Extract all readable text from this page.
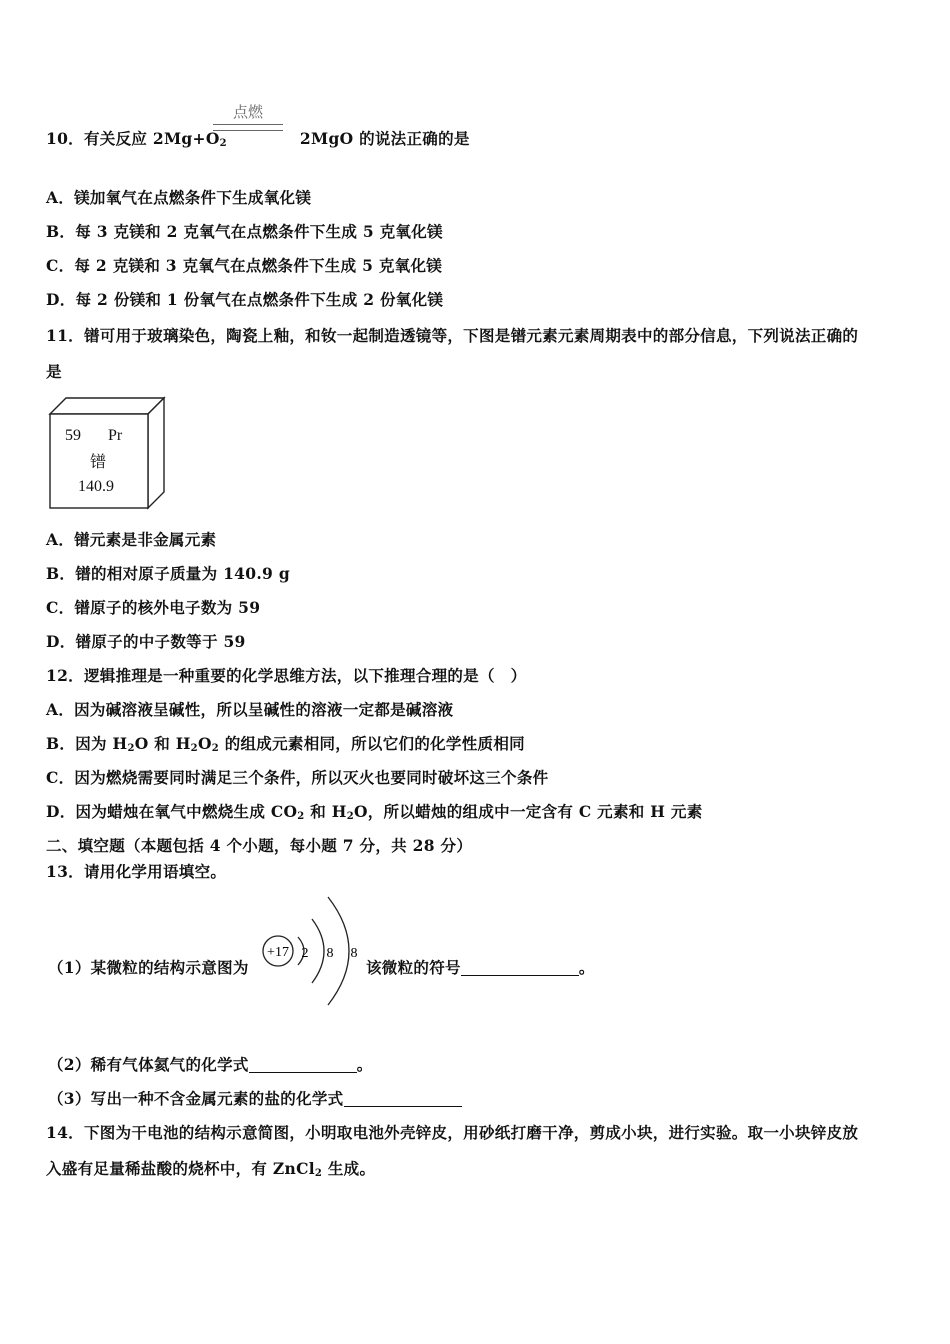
点燃
10．有关反应 $2Mg+O_2$	2MgO 的说法正确的是
A．镁加氧气在点燃条件下生成氧化镁
B．每 3 克镁和 2 克氧气在点燃条件下生成 5 克氧化镁
C．每 2 克镁和 3 克氧气在点燃条件下生成 5 克氧化镁
D．每 2 份镁和 1 份氧气在点燃条件下生成 2 份氧化镁
11．镨可用于玻璃染色，陶瓷上釉，和钕一起制造透镜等，下图是镨元素元素周期表中的部分信息，下列说法正确的
是
59 Pr
镨
140.9
A．镨元素是非金属元素
B．镨的相对原子质量为 140.9 g
C．镨原子的核外电子数为 59
D．镨原子的中子数等于 59
12．逻辑推理是一种重要的化学思维方法，以下推理合理的是（　）
A．因为碱溶液呈碱性，所以呈碱性的溶液一定都是碱溶液
B．因为 $H_2O$ 和 $H_2O_2$ 的组成元素相同，所以它们的化学性质相同
C．因为燃烧需要同时满足三个条件，所以灭火也要同时破坏这三个条件
D．因为蜡烛在氧气中燃烧生成 $CO_2$ 和 $H_2O$，所以蜡烛的组成中一定含有 C 元素和 H 元素
二、填空题（本题包括 4 个小题，每小题 7 分，共 28 分）
13．请用化学用语填空。
+17 2 8 8
（1）某微粒的结构示意图为	该微粒的符号	。
（2）稀有气体氦气的化学式	。
（3）写出一种不含金属元素的盐的化学式
14．下图为干电池的结构示意简图，小明取电池外壳锌皮，用砂纸打磨干净，剪成小块，进行实验。取一小块锌皮放
入盛有足量稀盐酸的烧杯中，有 ZnCl$_2$ 生成。
